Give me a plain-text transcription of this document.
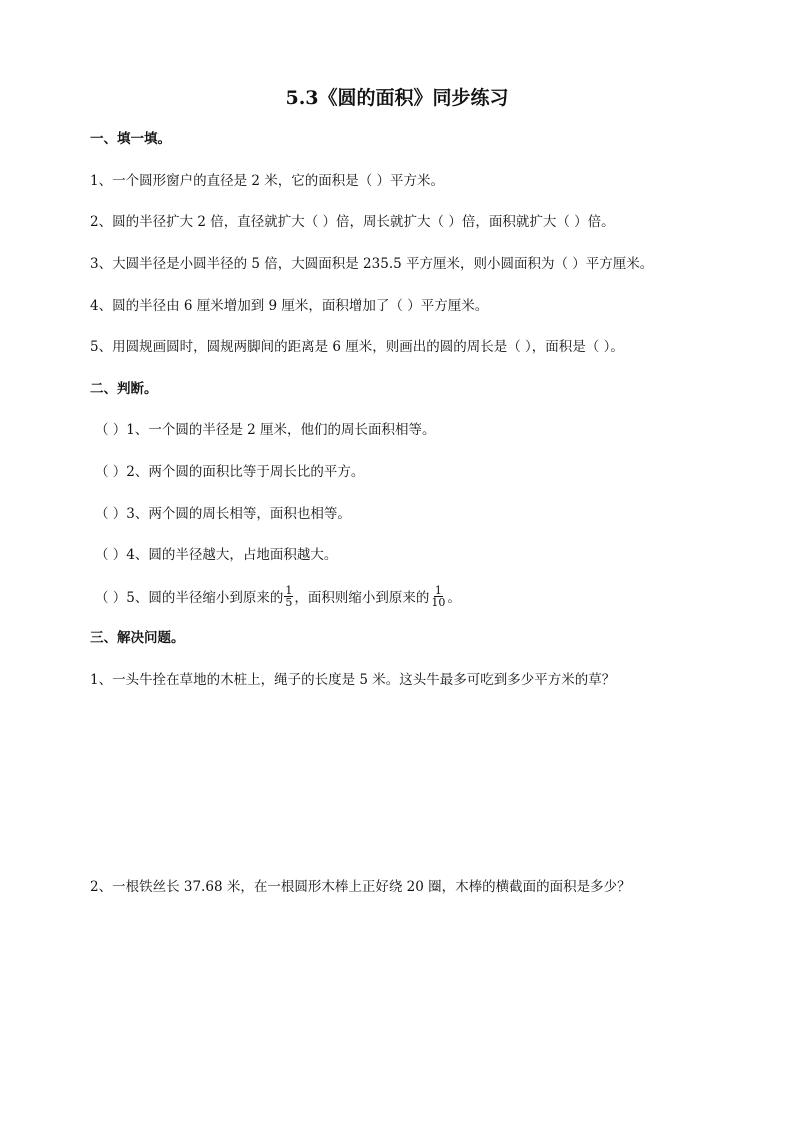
5.3《圆的面积》同步练习
一、填一填。
1、一个圆形窗户的直径是 2 米，它的面积是（ ）平方米。
2、圆的半径扩大 2 倍，直径就扩大（ ）倍，周长就扩大（ ）倍，面积就扩大（ ）倍。
3、大圆半径是小圆半径的 5 倍，大圆面积是 235.5 平方厘米，则小圆面积为（ ）平方厘米。
4、圆的半径由 6 厘米增加到 9 厘米，面积增加了（ ）平方厘米。
5、用圆规画圆时，圆规两脚间的距离是 6 厘米，则画出的圆的周长是（ ），面积是（ ）。
二、判断。
（ ）1、一个圆的半径是 2 厘米，他们的周长面积相等。
（ ）2、两个圆的面积比等于周长比的平方。
（ ）3、两个圆的周长相等，面积也相等。
（ ）4、圆的半径越大，占地面积越大。
（ ）5、圆的半径缩小到原来的 $\frac{1}{5}$ ，面积则缩小到原来的 $\frac{1}{10}$ 。
三、解决问题。
1、一头牛拴在草地的木桩上，绳子的长度是 5 米。这头牛最多可吃到多少平方米的草？
2、一根铁丝长 37.68 米，在一根圆形木棒上正好绕 20 圈，木棒的横截面的面积是多少？
